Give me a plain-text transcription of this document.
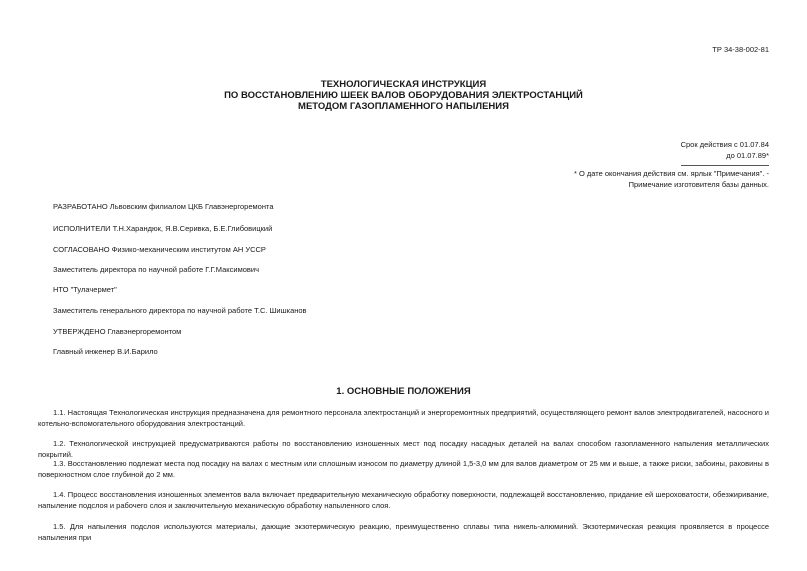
ТР 34-38-002-81
ТЕХНОЛОГИЧЕСКАЯ ИНСТРУКЦИЯ
ПО ВОССТАНОВЛЕНИЮ ШЕЕК ВАЛОВ ОБОРУДОВАНИЯ ЭЛЕКТРОСТАНЦИЙ
МЕТОДОМ ГАЗОПЛАМЕННОГО НАПЫЛЕНИЯ
Срок действия с 01.07.84
до 01.07.89*
* О дате окончания действия см. ярлык "Примечания". -
Примечание изготовителя базы данных.
РАЗРАБОТАНО Львовским филиалом ЦКБ Главэнергоремонта
ИСПОЛНИТЕЛИ Т.Н.Харандюк, Я.В.Серивка, Б.Е.Глибовицкий
СОГЛАСОВАНО Физико-механическим институтом АН УССР
Заместитель директора по научной работе Г.Г.Максимович
НТО "Тулачермет"
Заместитель генерального директора по научной работе Т.С. Шишканов
УТВЕРЖДЕНО Главэнергоремонтом
Главный инженер В.И.Барило
1. ОСНОВНЫЕ ПОЛОЖЕНИЯ
1.1. Настоящая Технологическая инструкция предназначена для ремонтного персонала электростанций и энергоремонтных предприятий, осуществляющего ремонт валов электродвигателей, насосного и котельно-вспомогательного оборудования электростанций.
1.2. Технологической инструкцией предусматриваются работы по восстановлению изношенных мест под посадку насадных деталей на валах способом газопламенного напыления металлических покрытий.
1.3. Восстановлению подлежат места под посадку на валах с местным или сплошным износом по диаметру длиной 1,5-3,0 мм для валов диаметром от 25 мм и выше, а также риски, забоины, раковины в поверхностном слое глубиной до 2 мм.
1.4. Процесс восстановления изношенных элементов вала включает предварительную механическую обработку поверхности, подлежащей восстановлению, придание ей шероховатости, обезжиривание, напыление подслоя и рабочего слоя и заключительную механическую обработку напыленного слоя.
1.5. Для напыления подслоя используются материалы, дающие экзотермическую реакцию, преимущественно сплавы типа никель-алюминий. Экзотермическая реакция проявляется в процессе напыления при
